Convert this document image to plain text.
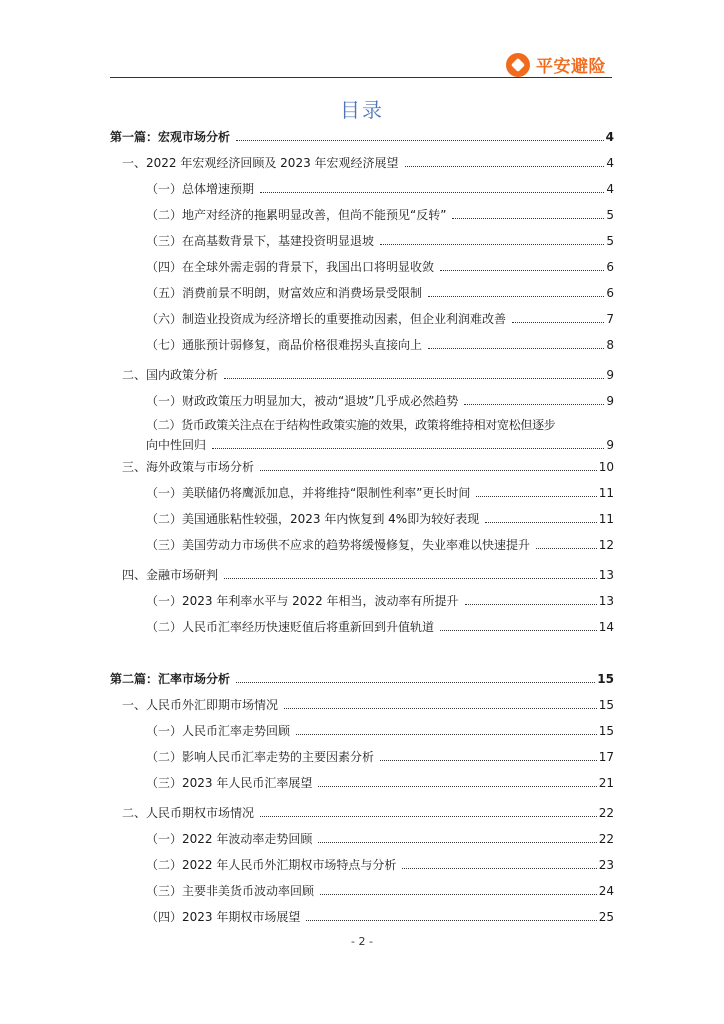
平安避险
目录
第一篇：宏观市场分析	4
一、2022 年宏观经济回顾及 2023 年宏观经济展望	4
（一）总体增速预期	4
（二）地产对经济的拖累明显改善，但尚不能预见“反转”	5
（三）在高基数背景下，基建投资明显退坡	5
（四）在全球外需走弱的背景下，我国出口将明显收敛	6
（五）消费前景不明朗，财富效应和消费场景受限制	6
（六）制造业投资成为经济增长的重要推动因素，但企业利润难改善	7
（七）通胀预计弱修复，商品价格很难拐头直接向上	8
二、国内政策分析	9
（一）财政政策压力明显加大，被动“退坡”几乎成必然趋势	9
（二）货币政策关注点在于结构性政策实施的效果，政策将维持相对宽松但逐步
向中性回归	9
三、海外政策与市场分析	10
（一）美联储仍将鹰派加息，并将维持“限制性利率”更长时间	11
（二）美国通胀粘性较强，2023 年内恢复到 4%即为较好表现	11
（三）美国劳动力市场供不应求的趋势将缓慢修复，失业率难以快速提升	12
四、金融市场研判	13
（一）2023 年利率水平与 2022 年相当，波动率有所提升	13
（二）人民币汇率经历快速贬值后将重新回到升值轨道	14
第二篇：汇率市场分析	15
一、人民币外汇即期市场情况	15
（一）人民币汇率走势回顾	15
（二）影响人民币汇率走势的主要因素分析	17
（三）2023 年人民币汇率展望	21
二、人民币期权市场情况	22
（一）2022 年波动率走势回顾	22
（二）2022 年人民币外汇期权市场特点与分析	23
（三）主要非美货币波动率回顾	24
（四）2023 年期权市场展望	25
- 2 -
